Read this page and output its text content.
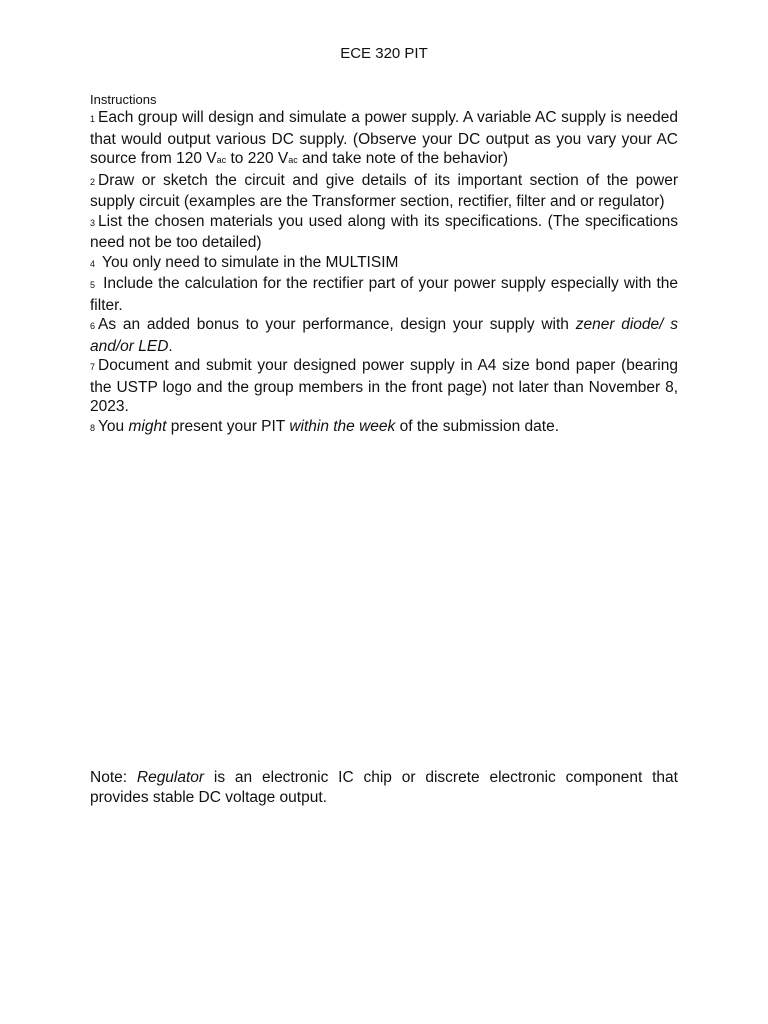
ECE 320 PIT

Instructions

1 Each group will design and simulate a power supply. A variable AC supply is needed that would output various DC supply. (Observe your DC output as you vary your AC source from 120 Vac to 220 Vac and take note of the behavior)

2 Draw or sketch the circuit and give details of its important section of the power supply circuit (examples are the Transformer section, rectifier, filter and or regulator)

3 List the chosen materials you used along with its specifications. (The specifications need not be too detailed)

4 You only need to simulate in the MULTISIM

5 Include the calculation for the rectifier part of your power supply especially with the filter.

6 As an added bonus to your performance, design your supply with zener diode/ s and/or LED.

7 Document and submit your designed power supply in A4 size bond paper (bearing the USTP logo and the group members in the front page) not later than November 8, 2023.

8 You might present your PIT within the week of the submission date.

Note: Regulator is an electronic IC chip or discrete electronic component that provides stable DC voltage output.
